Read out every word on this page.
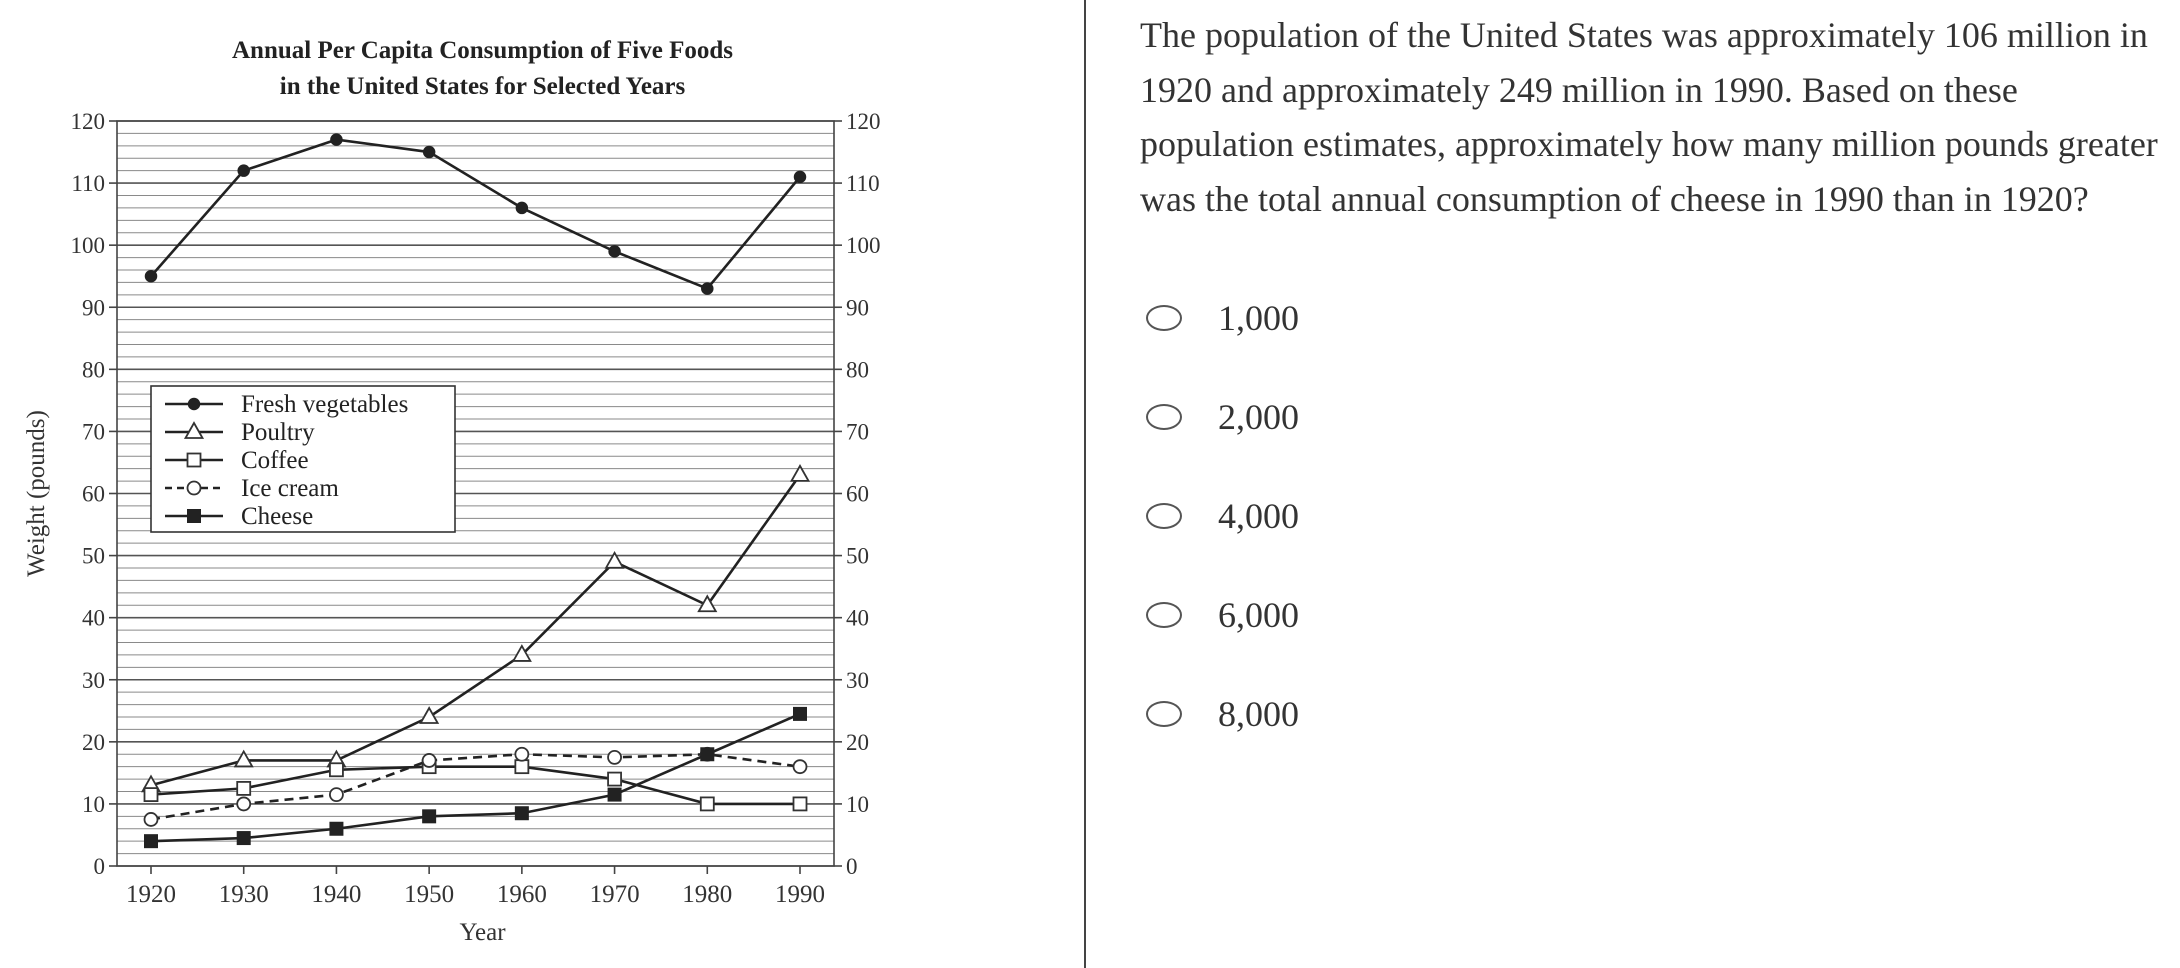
0	0
10	10
20	20
30	30
40	40
50	50
60	60
70	70
80	80
90	90
100	100
110	110
120	120
1920 1930 1940 1950 1960 1970 1980 1990
Annual Per Capita Consumption of Five Foods
in the United States for Selected Years
Year
Weight (pounds)
Fresh vegetables
Poultry
Coffee
Ice cream
Cheese

The population of the United States was approximately 106 million in 1920 and approximately 249 million in 1990. Based on these population estimates, approximately how many million pounds greater was the total annual consumption of cheese in 1990 than in 1920?

1,000
2,000
4,000
6,000
8,000
